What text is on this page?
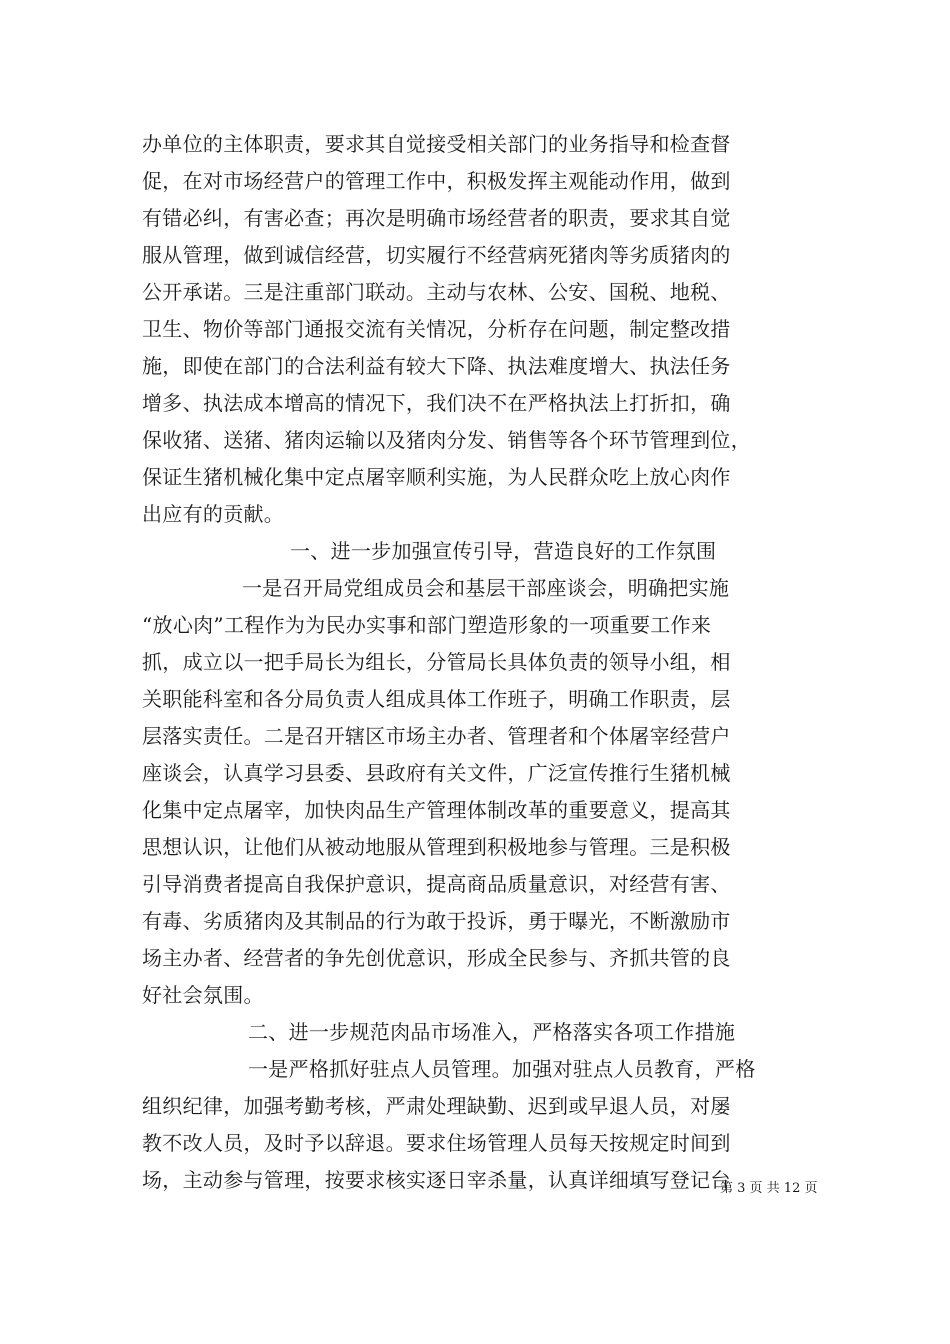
办单位的主体职责，要求其自觉接受相关部门的业务指导和检查督
促，在对市场经营户的管理工作中，积极发挥主观能动作用，做到
有错必纠，有害必查；再次是明确市场经营者的职责，要求其自觉
服从管理，做到诚信经营，切实履行不经营病死猪肉等劣质猪肉的
公开承诺。三是注重部门联动。主动与农林、公安、国税、地税、
卫生、物价等部门通报交流有关情况，分析存在问题，制定整改措
施，即使在部门的合法利益有较大下降、执法难度增大、执法任务
增多、执法成本增高的情况下，我们决不在严格执法上打折扣，确
保收猪、送猪、猪肉运输以及猪肉分发、销售等各个环节管理到位，
保证生猪机械化集中定点屠宰顺利实施，为人民群众吃上放心肉作
出应有的贡献。
一、进一步加强宣传引导，营造良好的工作氛围
一是召开局党组成员会和基层干部座谈会，明确把实施
“放心肉”工程作为为民办实事和部门塑造形象的一项重要工作来
抓，成立以一把手局长为组长，分管局长具体负责的领导小组，相
关职能科室和各分局负责人组成具体工作班子，明确工作职责，层
层落实责任。二是召开辖区市场主办者、管理者和个体屠宰经营户
座谈会，认真学习县委、县政府有关文件，广泛宣传推行生猪机械
化集中定点屠宰，加快肉品生产管理体制改革的重要意义，提高其
思想认识，让他们从被动地服从管理到积极地参与管理。三是积极
引导消费者提高自我保护意识，提高商品质量意识，对经营有害、
有毒、劣质猪肉及其制品的行为敢于投诉，勇于曝光，不断激励市
场主办者、经营者的争先创优意识，形成全民参与、齐抓共管的良
好社会氛围。
二、进一步规范肉品市场准入，严格落实各项工作措施
一是严格抓好驻点人员管理。加强对驻点人员教育，严格
组织纪律，加强考勤考核，严肃处理缺勤、迟到或早退人员，对屡
教不改人员，及时予以辞退。要求住场管理人员每天按规定时间到
场，主动参与管理，按要求核实逐日宰杀量，认真详细填写登记台
第 3 页 共 12 页
